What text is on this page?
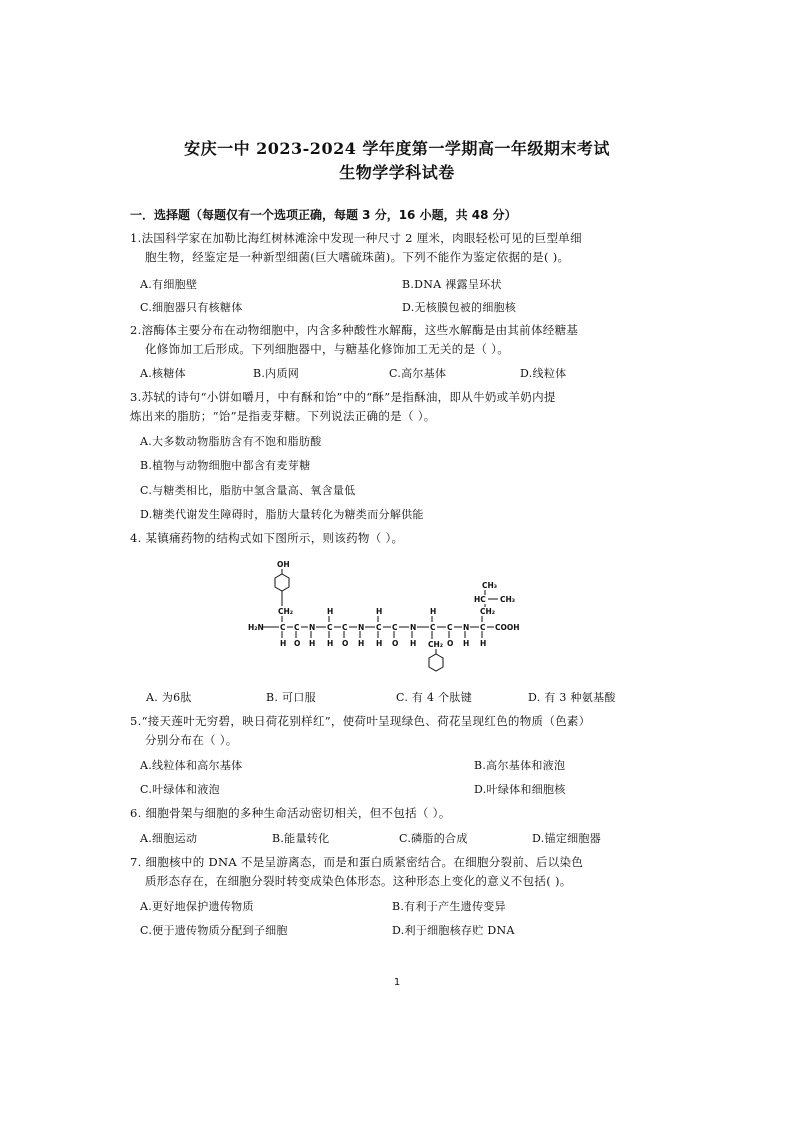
安庆一中 2023-2024 学年度第一学期高一年级期末考试
生物学学科试卷
一．选择题（每题仅有一个选项正确，每题 3 分，16 小题，共 48 分）
1.法国科学家在加勒比海红树林滩涂中发现一种尺寸 2 厘米，肉眼轻松可见的巨型单细
胞生物，经鉴定是一种新型细菌(巨大嗜硫珠菌)。下列不能作为鉴定依据的是( )。
A.有细胞壁	B.DNA 裸露呈环状
C.细胞器只有核糖体	D.无核膜包被的细胞核
2.溶酶体主要分布在动物细胞中，内含多种酸性水解酶，这些水解酶是由其前体经糖基
化修饰加工后形成。下列细胞器中，与糖基化修饰加工无关的是（ ）。
A.核糖体	B.内质网	C.高尔基体	D.线粒体
3.苏轼的诗句“小饼如嚼月，中有酥和饴”中的“酥”是指酥油，即从牛奶或羊奶内提
炼出来的脂肪；“饴”是指麦芽糖。下列说法正确的是（ ）。
A.大多数动物脂肪含有不饱和脂肪酸
B.植物与动物细胞中都含有麦芽糖
C.与糖类相比，脂肪中氢含量高、氧含量低
D.糖类代谢发生障碍时，脂肪大量转化为糖类而分解供能
4. 某镇痛药物的结构式如下图所示，则该药物（ ）。
OH
CH₂
H₂N C C N C C N C C N C C N C COOH
H	H	H
H O H H O H H O H	O H H
CH₂
CH₃
HC CH₃
CH₂
A. 为6肽	B. 可口服	C. 有 4 个肽键	D. 有 3 种氨基酸
5.“接天莲叶无穷碧，映日荷花别样红”，使荷叶呈现绿色、荷花呈现红色的物质（色素）
分别分布在（ ）。
A.线粒体和高尔基体	B.高尔基体和液泡
C.叶绿体和液泡	D.叶绿体和细胞核
6. 细胞骨架与细胞的多种生命活动密切相关，但不包括（ ）。
A.细胞运动	B.能量转化	C.磷脂的合成	D.锚定细胞器
7. 细胞核中的 DNA 不是呈游离态，而是和蛋白质紧密结合。在细胞分裂前、后以染色
质形态存在，在细胞分裂时转变成染色体形态。这种形态上变化的意义不包括( )。
A.更好地保护遗传物质	B.有利于产生遗传变异
C.便于遗传物质分配到子细胞	D.利于细胞核存贮 DNA
1
